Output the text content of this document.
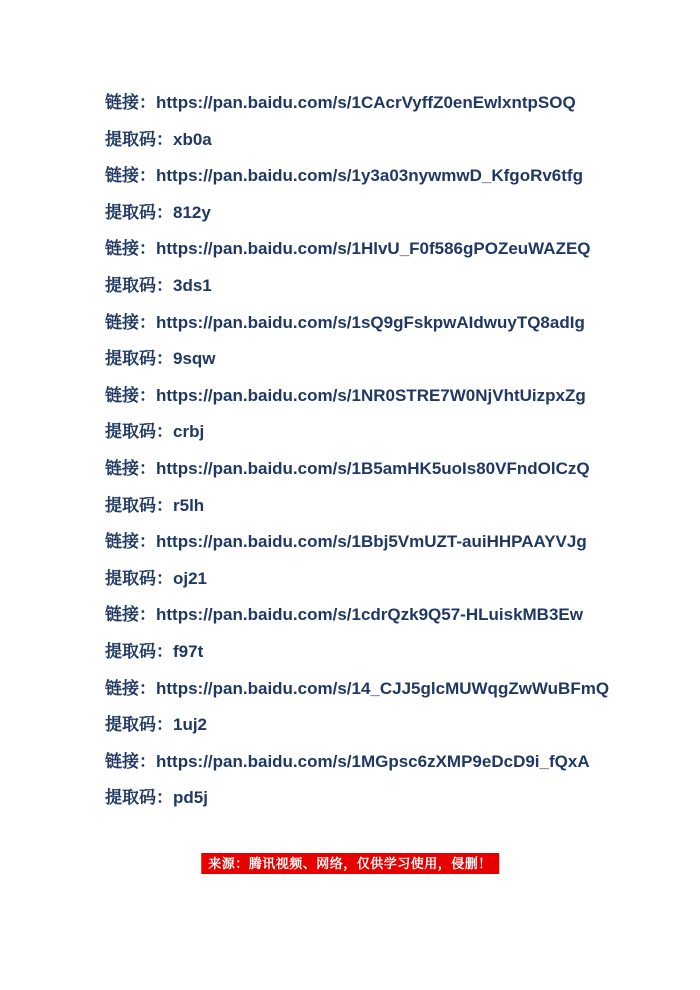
链接：https://pan.baidu.com/s/1CAcrVyffZ0enEwlxntpSOQ

提取码：xb0a

链接：https://pan.baidu.com/s/1y3a03nywmwD_KfgoRv6tfg

提取码：812y

链接：https://pan.baidu.com/s/1HlvU_F0f586gPOZeuWAZEQ

提取码：3ds1

链接：https://pan.baidu.com/s/1sQ9gFskpwAIdwuyTQ8adIg

提取码：9sqw

链接：https://pan.baidu.com/s/1NR0STRE7W0NjVhtUizpxZg

提取码：crbj

链接：https://pan.baidu.com/s/1B5amHK5uoIs80VFndOlCzQ

提取码：r5lh

链接：https://pan.baidu.com/s/1Bbj5VmUZT-auiHHPAAYVJg

提取码：oj21

链接：https://pan.baidu.com/s/1cdrQzk9Q57-HLuiskMB3Ew

提取码：f97t

链接：https://pan.baidu.com/s/14_CJJ5glcMUWqgZwWuBFmQ

提取码：1uj2

链接：https://pan.baidu.com/s/1MGpsc6zXMP9eDcD9i_fQxA

提取码：pd5j

来源：腾讯视频、网络，仅供学习使用，侵删！
